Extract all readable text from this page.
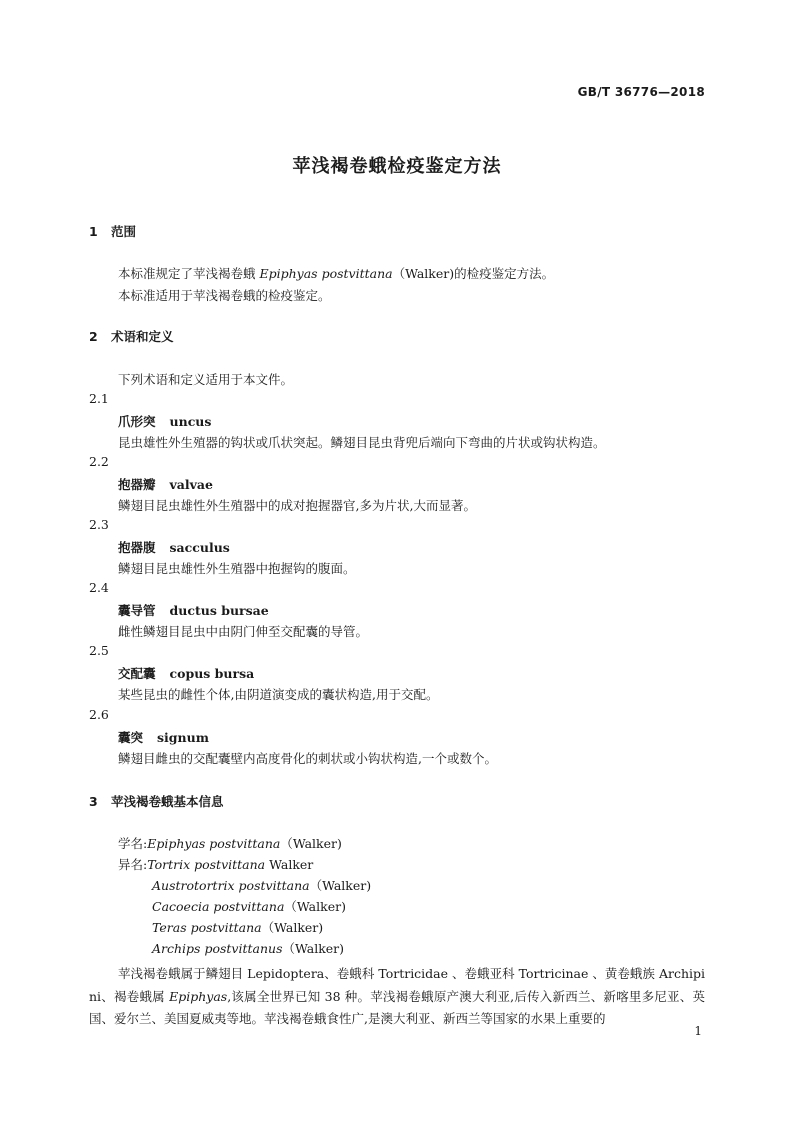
GB/T 36776—2018
苹浅褐卷蛾检疫鉴定方法
1 范围
本标准规定了苹浅褐卷蛾 Epiphyas postvittana（Walker)的检疫鉴定方法。
本标准适用于苹浅褐卷蛾的检疫鉴定。
2 术语和定义
下列术语和定义适用于本文件。
2.1
爪形突 uncus
昆虫雄性外生殖器的钩状或爪状突起。鳞翅目昆虫背兜后端向下弯曲的片状或钩状构造。
2.2
抱器瓣 valvae
鳞翅目昆虫雄性外生殖器中的成对抱握器官,多为片状,大而显著。
2.3
抱器腹 sacculus
鳞翅目昆虫雄性外生殖器中抱握钩的腹面。
2.4
囊导管 ductus bursae
雌性鳞翅目昆虫中由阴门伸至交配囊的导管。
2.5
交配囊 copus bursa
某些昆虫的雌性个体,由阴道演变成的囊状构造,用于交配。
2.6
囊突 signum
鳞翅目雌虫的交配囊壁内高度骨化的刺状或小钩状构造,一个或数个。
3 苹浅褐卷蛾基本信息
学名:Epiphyas postvittana（Walker)
异名:Tortrix postvittana Walker
Austrotortrix postvittana（Walker)
Cacoecia postvittana（Walker)
Teras postvittana（Walker)
Archips postvittanus（Walker)
苹浅褐卷蛾属于鳞翅目 Lepidoptera、卷蛾科 Tortricidae 、卷蛾亚科 Tortricinae 、黄卷蛾族 Archipini、褐卷蛾属 Epiphyas,该属全世界已知 38 种。苹浅褐卷蛾原产澳大利亚,后传入新西兰、新喀里多尼亚、英国、爱尔兰、美国夏威夷等地。苹浅褐卷蛾食性广,是澳大利亚、新西兰等国家的水果上重要的
1
